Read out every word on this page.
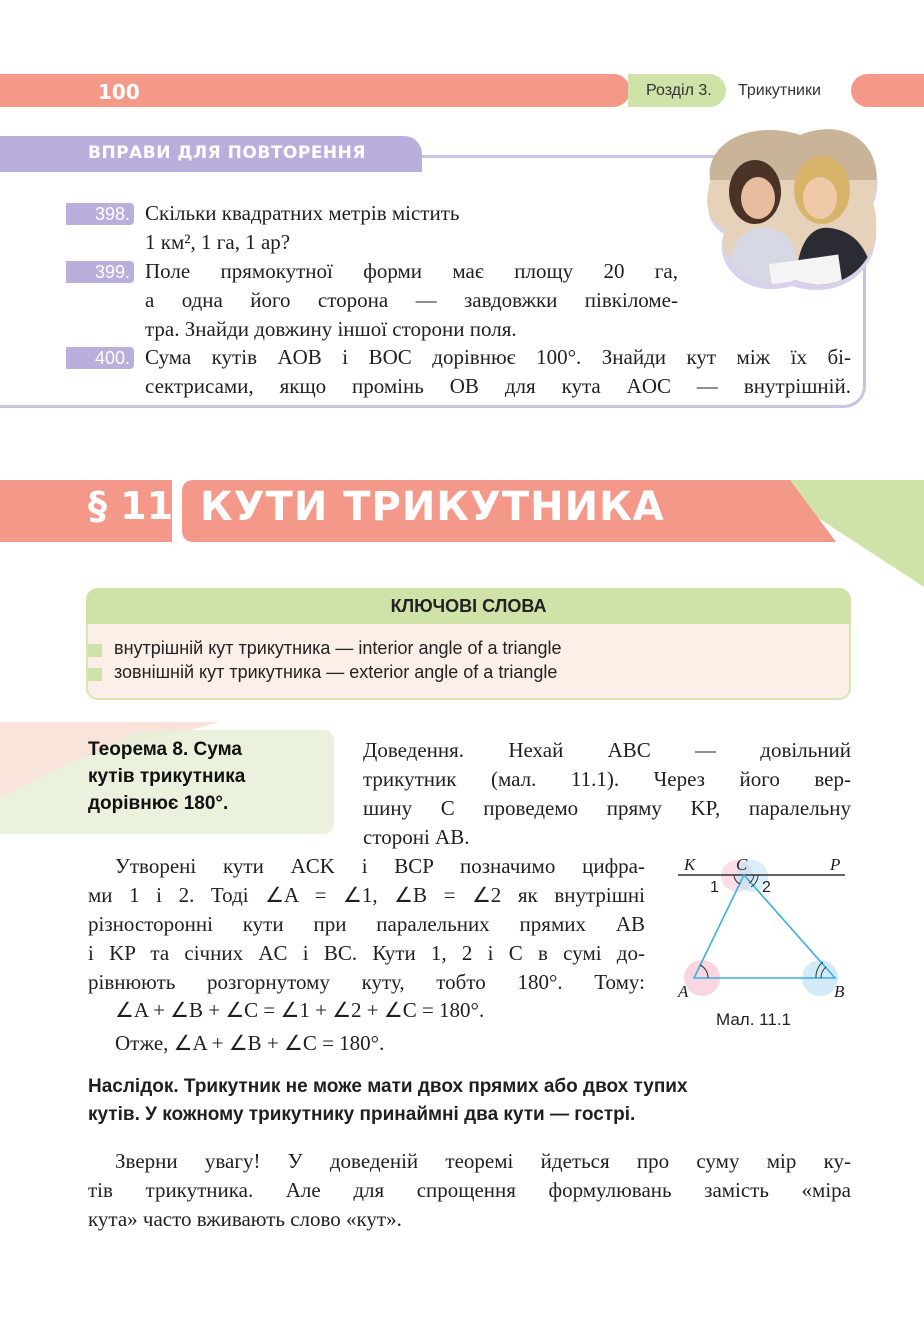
100	Розділ 3.	Трикутники
ВПРАВИ ДЛЯ ПОВТОРЕННЯ
398. Скільки квадратних метрів містить
1 км², 1 га, 1 ар?
399. Поле прямокутної форми має площу 20 га,
а одна його сторона — завдовжки півкіломе-
тра. Знайди довжину іншої сторони поля.
400. Сума кутів AOB і BOC дорівнює 100°. Знайди кут між їх бі-
сектрисами, якщо промінь OB для кута AOC — внутрішній.
§ 11 КУТИ ТРИКУТНИКА
КЛЮЧОВІ СЛОВА
внутрішній кут трикутника — interior angle of a triangle
зовнішній кут трикутника — exterior angle of a triangle
Теорема 8. Сума
кутів трикутника
дорівнює 180°.
Доведення. Нехай ABC — довільний
трикутник (мал. 11.1). Через його вер-
шину C проведемо пряму KP, паралельну
стороні AB.
Утворені кути ACK і BCP позначимо цифра-
ми 1 і 2. Тоді ∠A = ∠1, ∠B = ∠2 як внутрішні
різносторонні кути при паралельних прямих AB
і KP та січних AC і BC. Кути 1, 2 і C в сумі до-
рівнюють розгорнутому куту, тобто 180°. Тому:
∠A + ∠B + ∠C = ∠1 + ∠2 + ∠C = 180°.
Отже, ∠A + ∠B + ∠C = 180°.
K C	P
A	B
1	2
Мал. 11.1
Наслідок. Трикутник не може мати двох прямих або двох тупих
кутів. У кожному трикутнику принаймні два кути — гострі.
Зверни увагу! У доведеній теоремі йдеться про суму мір ку-
тів трикутника. Але для спрощення формулювань замість «міра
кута» часто вживають слово «кут».
